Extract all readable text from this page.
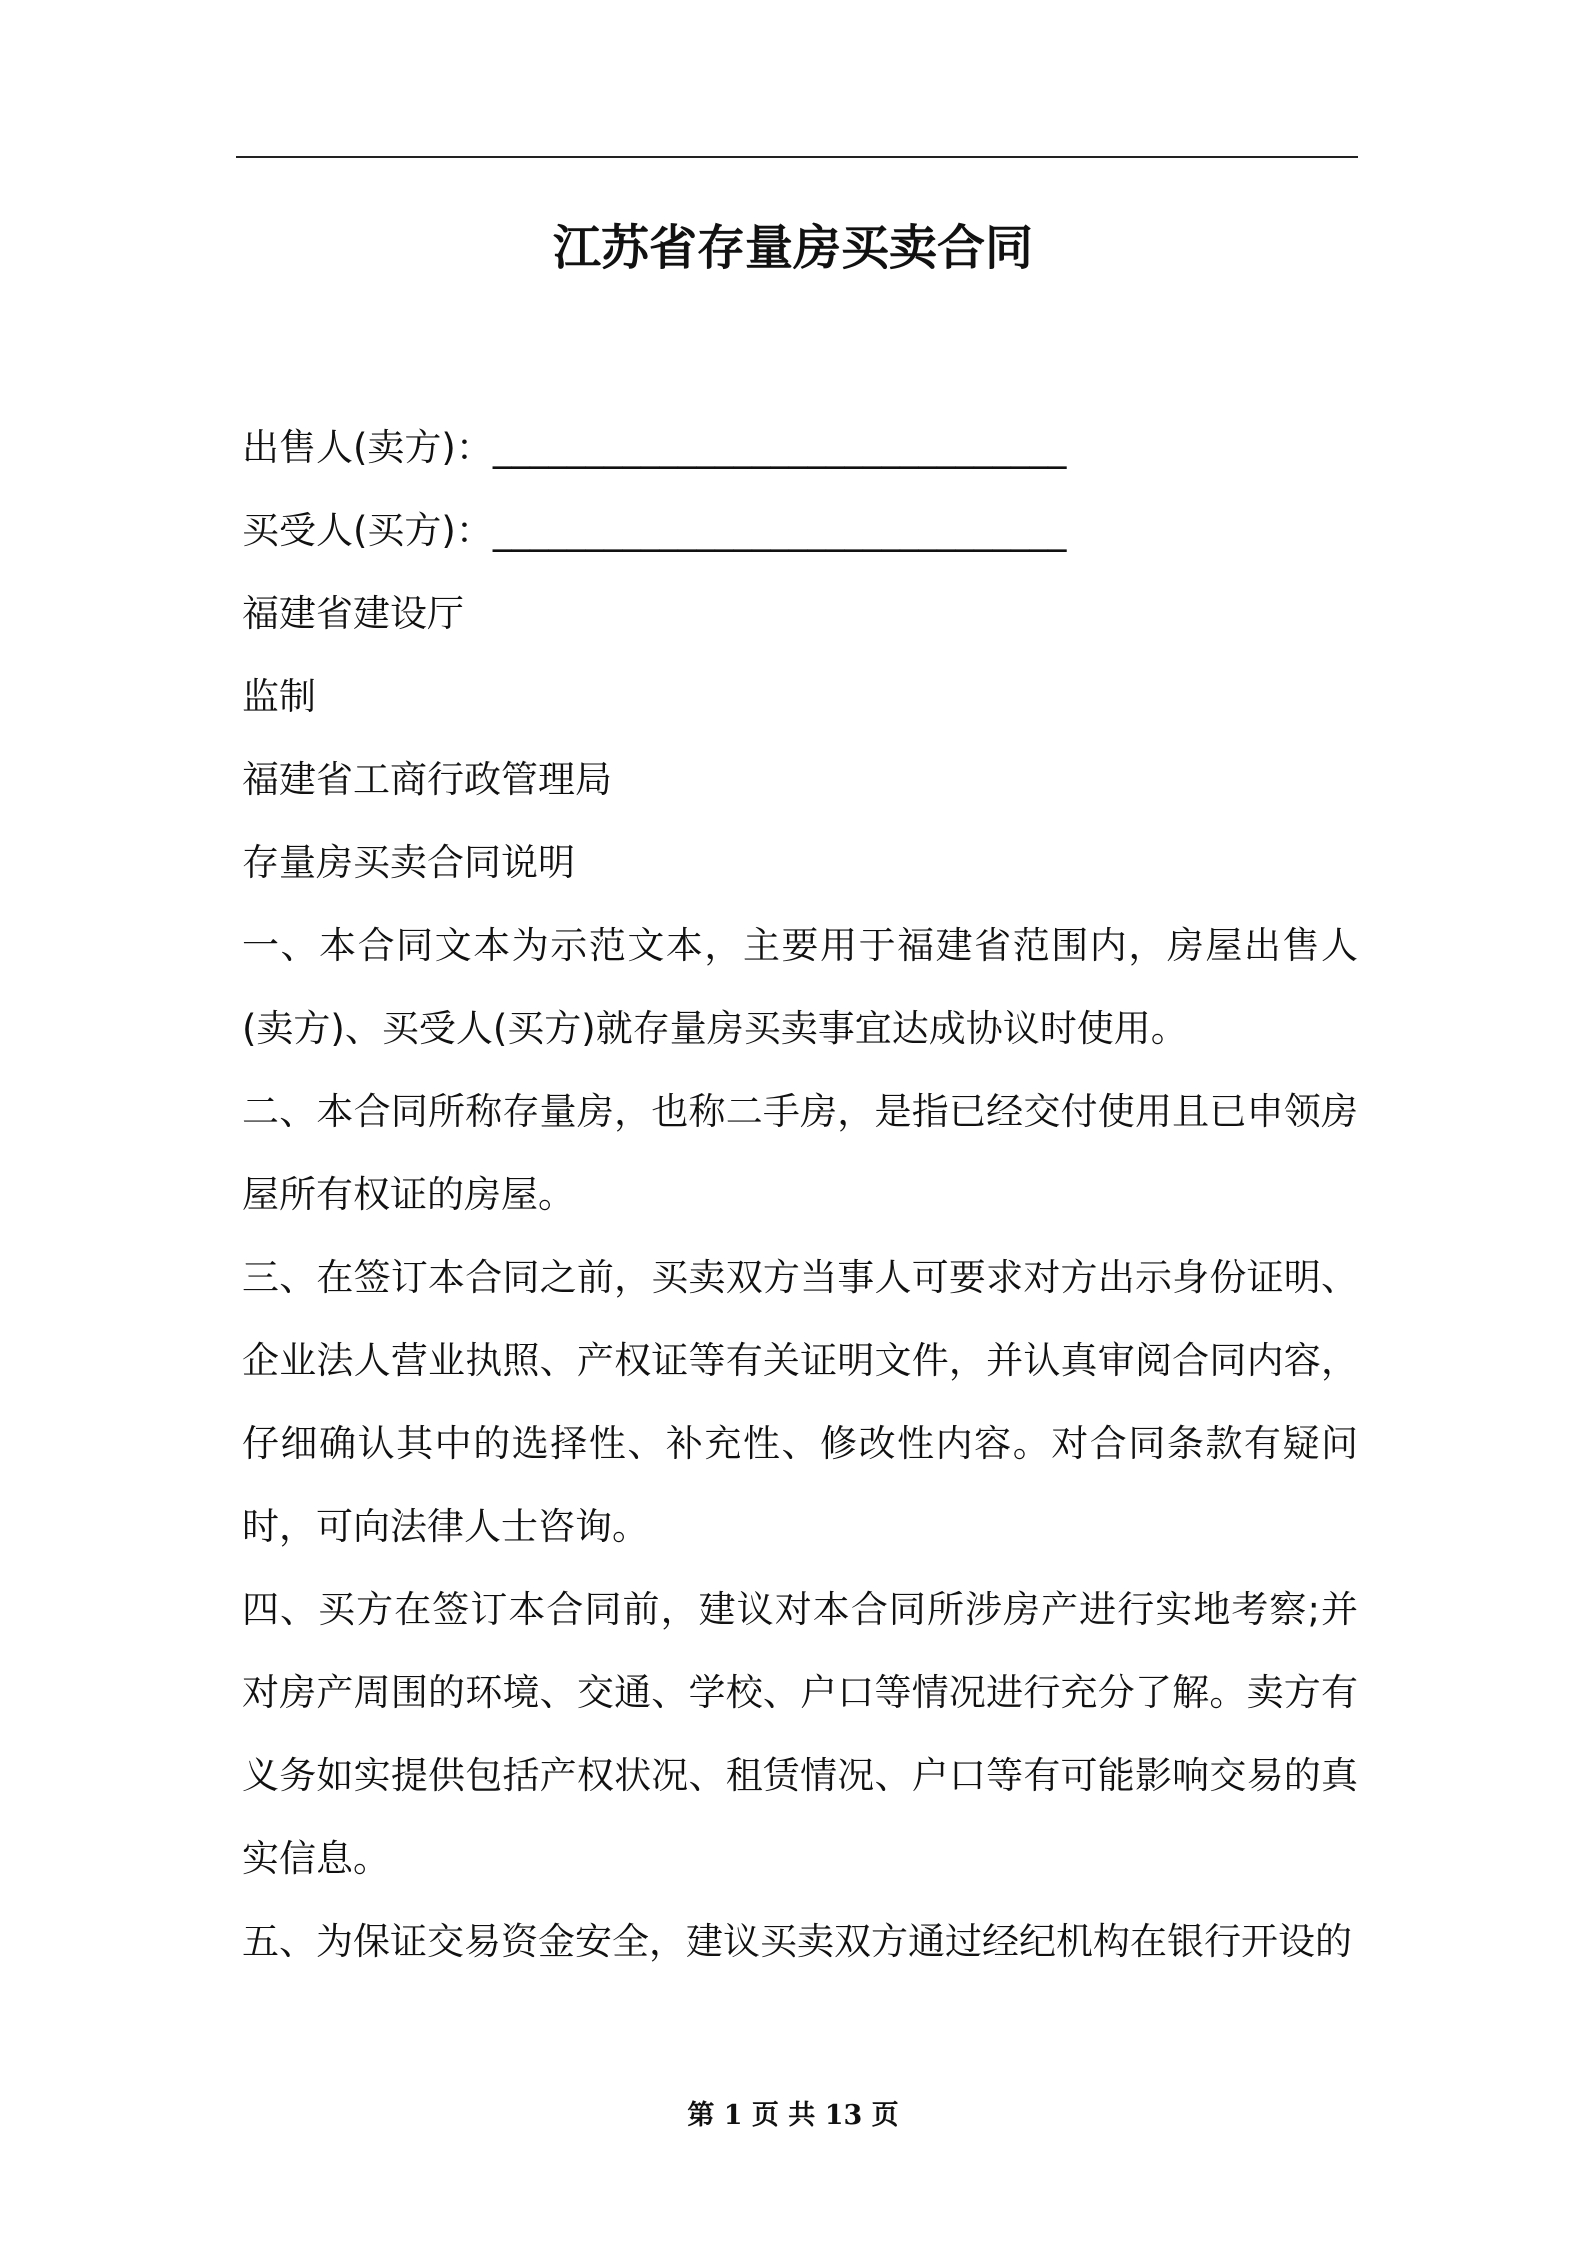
江苏省存量房买卖合同
出售人(卖方)：_______________________________
买受人(买方)：_______________________________
福建省建设厅
监制
福建省工商行政管理局
存量房买卖合同说明

一、本合同文本为示范文本，主要用于福建省范围内，房屋出售人(卖方)、买受人(买方)就存量房买卖事宜达成协议时使用。

二、本合同所称存量房，也称二手房，是指已经交付使用且已申领房屋所有权证的房屋。

三、在签订本合同之前，买卖双方当事人可要求对方出示身份证明、企业法人营业执照、产权证等有关证明文件，并认真审阅合同内容，仔细确认其中的选择性、补充性、修改性内容。对合同条款有疑问时，可向法律人士咨询。

四、买方在签订本合同前，建议对本合同所涉房产进行实地考察;并对房产周围的环境、交通、学校、户口等情况进行充分了解。卖方有义务如实提供包括产权状况、租赁情况、户口等有可能影响交易的真实信息。

五、为保证交易资金安全，建议买卖双方通过经纪机构在银行开设的

第 1 页 共 13 页
